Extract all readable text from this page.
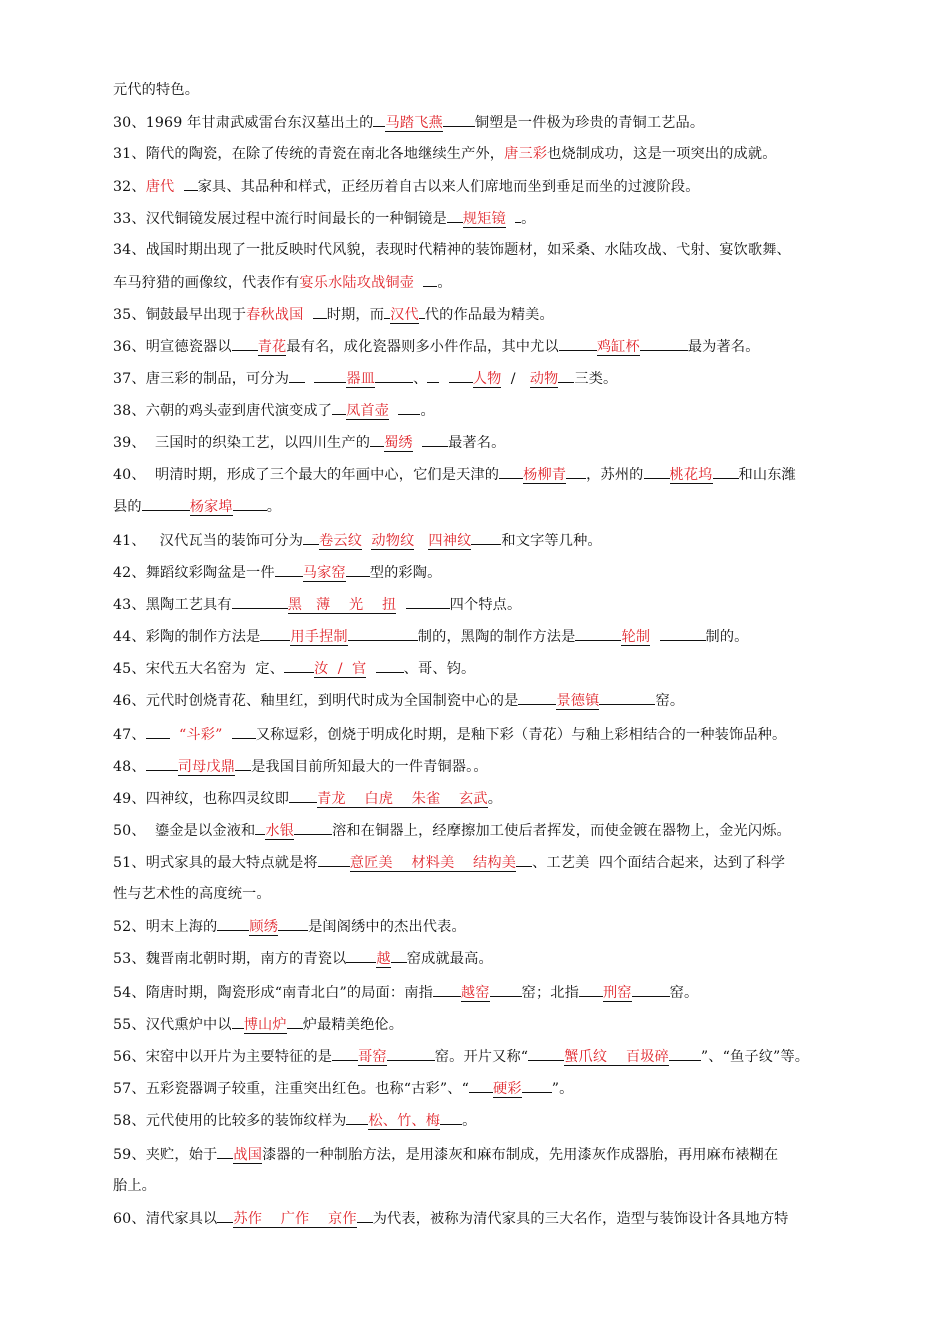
元代的特色。
30、1969 年甘肃武威雷台东汉墓出土的 马踏飞燕 铜塑是一件极为珍贵的青铜工艺品。
31、隋代的陶瓷，在除了传统的青瓷在南北各地继续生产外，唐三彩也烧制成功，这是一项突出的成就。
32、唐代 家具、其品种和样式，正经历着自古以来人们席地而坐到垂足而坐的过渡阶段。
33、汉代铜镜发展过程中流行时间最长的一种铜镜是 规矩镜 。
34、战国时期出现了一批反映时代风貌，表现时代精神的装饰题材，如采桑、水陆攻战、弋射、宴饮歌舞、
车马狩猎的画像纹，代表作有宴乐水陆攻战铜壶 。
35、铜鼓最早出现于春秋战国 时期，而 汉代 代的作品最为精美。
36、明宣德瓷器以 青花最有名，成化瓷器则多小件作品，其中尤以	鸡缸杯	最为著名。
37、唐三彩的制品，可分为	器皿	、	人物  /   动物 三类。
38、六朝的鸡头壶到唐代演变成了 凤首壶 。
39、  三国时的织染工艺，以四川生产的 蜀绣 最著名。
40、  明清时期，形成了三个最大的年画中心，它们是天津的 杨柳青 ，苏州的 桃花坞 和山东潍
县的	杨家埠 。
41、   汉代瓦当的装饰可分为 卷云纹 动物纹 四神纹 和文字等几种。
42、舞蹈纹彩陶盆是一件 马家窑 型的彩陶。
43、黑陶工艺具有	黑   薄    光    扭	四个特点。
44、彩陶的制作方法是 用手捏制	制的，黑陶的制作方法是	轮制	制的。
45、宋代五大名窑为  定、 汝  /  官	、哥、钧。
46、元代时创烧青花、釉里红，到明代时成为全国制瓷中心的是	景德镇	窑。
47、 “斗彩” 又称逗彩，创烧于明成化时期，是釉下彩（青花）与釉上彩相结合的一种装饰品种。
48、 司母戊鼎 是我国目前所知最大的一件青铜器。。
49、四神纹，也称四灵纹即 青龙    白虎    朱雀    玄武。
50、  鎏金是以金液和 水银	溶和在铜器上，经摩擦加工使后者挥发，而使金镀在器物上，金光闪烁。
51、明式家具的最大特点就是将 意匠美    材料美    结构美 、工艺美  四个面结合起来，达到了科学
性与艺术性的高度统一。
52、明末上海的 顾绣 是闺阁绣中的杰出代表。
53、魏晋南北朝时期，南方的青瓷以 越 窑成就最高。
54、隋唐时期，陶瓷形成“南青北白”的局面：南指 越窑 窑；北指 刑窑	窑。
55、汉代熏炉中以 博山炉 炉最精美绝伦。
56、宋窑中以开片为主要特征的是 哥窑	窑。开片又称“	蟹爪纹    百圾碎 ”、“鱼子纹”等。
57、五彩瓷器调子较重，注重突出红色。也称“古彩”、“ 硬彩 ”。
58、元代使用的比较多的装饰纹样为 松、竹、梅 。
59、夹贮，始于 战国漆器的一种制胎方法，是用漆灰和麻布制成，先用漆灰作成器胎，再用麻布裱糊在
胎上。
60、清代家具以 苏作    广作    京作 为代表，被称为清代家具的三大名作，造型与装饰设计各具地方特
